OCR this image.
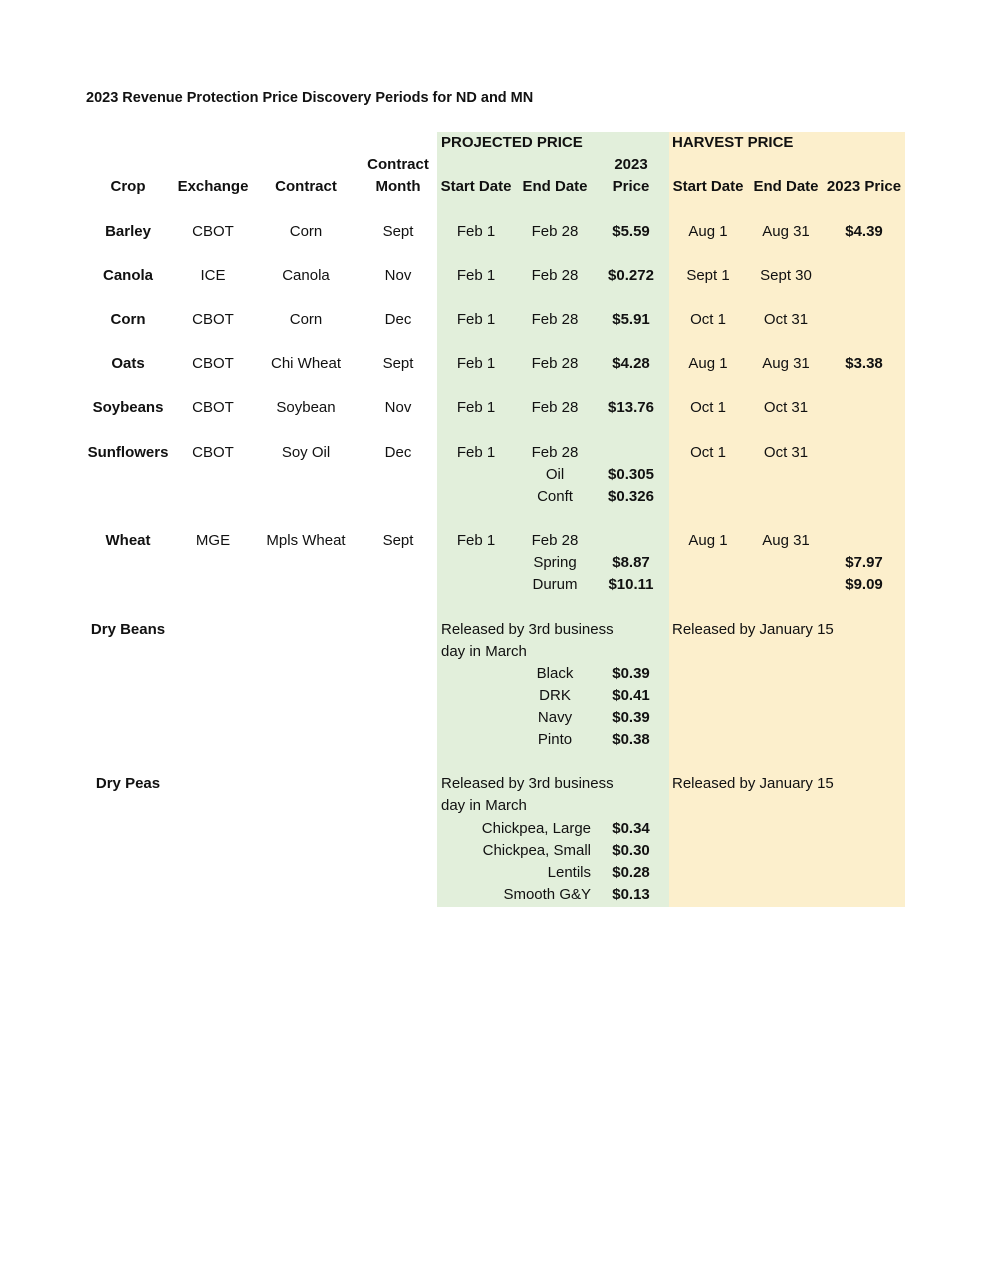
2023 Revenue Protection Price Discovery Periods for ND and MN
PROJECTED PRICE	HARVEST PRICE
Contract	2023
Crop Exchange Contract	Month Start Date End Date Price Start Date End Date 2023 Price
Barley	CBOT	Corn	Sept	Feb 1 Feb 28 $5.59	Aug 1 Aug 31 $4.39
Canola	ICE	Canola	Nov	Feb 1 Feb 28 $0.272 Sept 1 Sept 30
Corn	CBOT	Corn	Dec	Feb 1 Feb 28 $5.91	Oct 1	Oct 31
Oats	CBOT Chi Wheat	Sept	Feb 1 Feb 28 $4.28	Aug 1 Aug 31 $3.38
Soybeans CBOT	Soybean	Nov	Feb 1 Feb 28 $13.76 Oct 1	Oct 31
Sunflowers CBOT	Soy Oil	Dec	Feb 1 Feb 28	Oct 1	Oct 31
Oil	$0.305
Conft $0.326
Wheat	MGE Mpls Wheat Sept	Feb 1 Feb 28	Aug 1 Aug 31
Spring $8.87	$7.97
Durum $10.11	$9.09
Dry Beans	Released by 3rd business
day in March
Released by January 15
Black	$0.39
DRK	$0.41
Navy	$0.39
Pinto	$0.38
Dry Peas	Released by 3rd business
day in March
Released by January 15
Chickpea, Large $0.34
Chickpea, Small $0.30
Lentils $0.28
Smooth G&Y $0.13
